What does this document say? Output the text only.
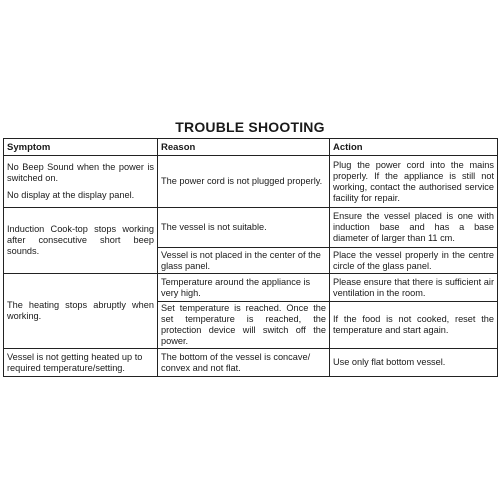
TROUBLE SHOOTING
Symptom	Reason	Action

No Beep Sound when the power is switched on.
No display at the display panel.	The power cord is not plugged properly.	Plug the power cord into the mains properly. If the appliance is still not working, contact the authorised service facility for repair.
Induction Cook-top stops working after consecutive short beep sounds.	The vessel is not suitable.	Ensure the vessel placed is one with induction base and has a base diameter of larger than 11 cm.
	Vessel is not placed in the center of the glass panel.	Place the vessel properly in the centre circle of the glass panel.
The heating stops abruptly when working.	Temperature around the appliance is very high.	Please ensure that there is sufficient air ventilation in the room.
	Set temperature is reached. Once the set temperature is reached, the protection device will switch off the power.	If the food is not cooked, reset the temperature and start again.
Vessel is not getting heated up to required temperature/setting.	The bottom of the vessel is concave/ convex and not flat.	Use only flat bottom vessel.
